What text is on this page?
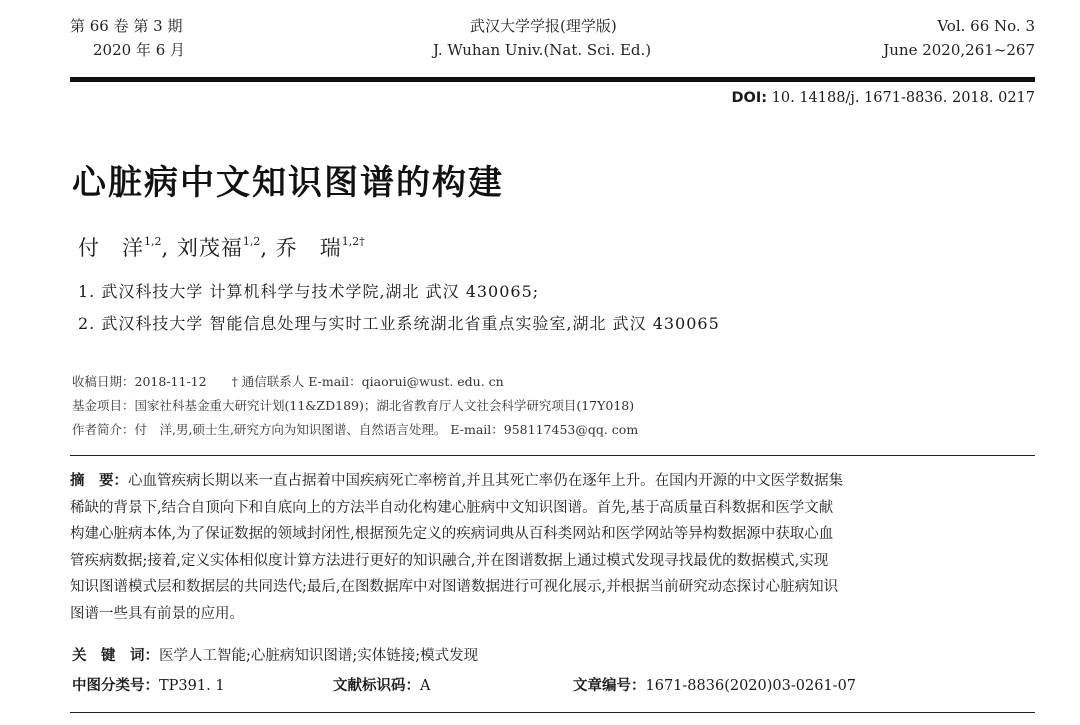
第 66 卷 第 3 期
2020 年 6 月
武汉大学学报(理学版)
J. Wuhan Univ.(Nat. Sci. Ed.)
Vol. 66 No. 3
June 2020,261~267
DOI: 10. 14188/j. 1671-8836. 2018. 0217
心脏病中文知识图谱的构建
付　洋$^{1,2}$, 刘茂福$^{1,2}$, 乔　瑞$^{1,2\dagger}$
1. 武汉科技大学 计算机科学与技术学院,湖北 武汉 430065;
2. 武汉科技大学 智能信息处理与实时工业系统湖北省重点实验室,湖北 武汉 430065
收稿日期：2018-11-12　　† 通信联系人 E-mail：qiaorui@wust. edu. cn
基金项目：国家社科基金重大研究计划(11&ZD189)；湖北省教育厅人文社会科学研究项目(17Y018)
作者简介：付　洋,男,硕士生,研究方向为知识图谱、自然语言处理。 E-mail：958117453@qq. com
摘　要：心血管疾病长期以来一直占据着中国疾病死亡率榜首,并且其死亡率仍在逐年上升。在国内开源的中文医学数据集
稀缺的背景下,结合自顶向下和自底向上的方法半自动化构建心脏病中文知识图谱。首先,基于高质量百科数据和医学文献
构建心脏病本体,为了保证数据的领域封闭性,根据预先定义的疾病词典从百科类网站和医学网站等异构数据源中获取心血
管疾病数据;接着,定义实体相似度计算方法进行更好的知识融合,并在图谱数据上通过模式发现寻找最优的数据模式,实现
知识图谱模式层和数据层的共同迭代;最后,在图数据库中对图谱数据进行可视化展示,并根据当前研究动态探讨心脏病知识
图谱一些具有前景的应用。
关　键　词：医学人工智能;心脏病知识图谱;实体链接;模式发现
中图分类号：TP391. 1	文献标识码：A	文章编号：1671-8836(2020)03-0261-07
